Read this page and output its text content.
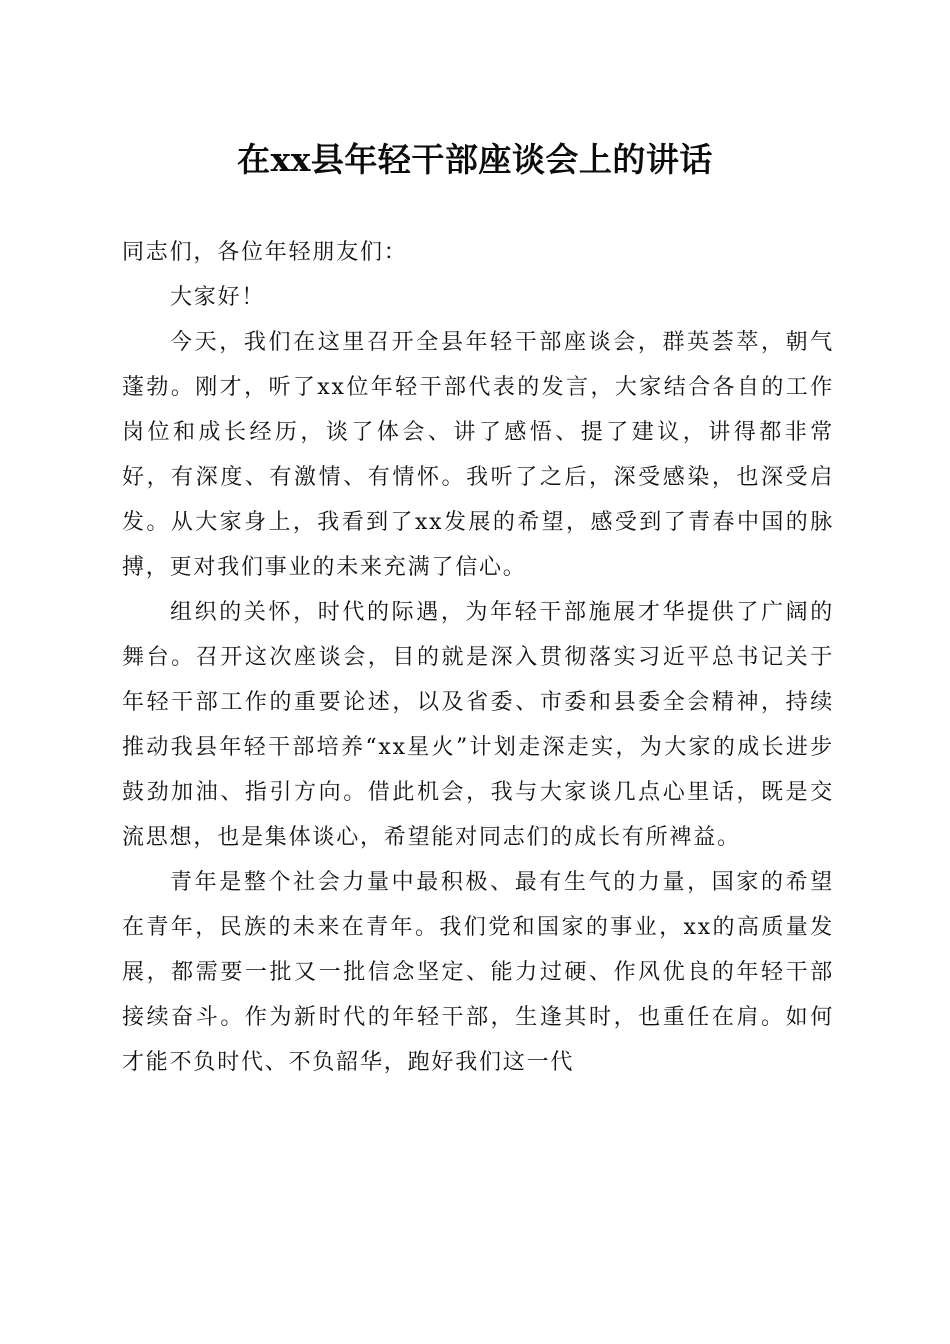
在xx县年轻干部座谈会上的讲话

同志们，各位年轻朋友们：

大家好！

今天，我们在这里召开全县年轻干部座谈会，群英荟萃，朝气蓬勃。刚才，听了xx位年轻干部代表的发言，大家结合各自的工作岗位和成长经历，谈了体会、讲了感悟、提了建议，讲得都非常好，有深度、有激情、有情怀。我听了之后，深受感染，也深受启发。从大家身上，我看到了xx发展的希望，感受到了青春中国的脉搏，更对我们事业的未来充满了信心。

组织的关怀，时代的际遇，为年轻干部施展才华提供了广阔的舞台。召开这次座谈会，目的就是深入贯彻落实习近平总书记关于年轻干部工作的重要论述，以及省委、市委和县委全会精神，持续推动我县年轻干部培养“xx星火”计划走深走实，为大家的成长进步鼓劲加油、指引方向。借此机会，我与大家谈几点心里话，既是交流思想，也是集体谈心，希望能对同志们的成长有所裨益。

青年是整个社会力量中最积极、最有生气的力量，国家的希望在青年，民族的未来在青年。我们党和国家的事业，xx的高质量发展，都需要一批又一批信念坚定、能力过硬、作风优良的年轻干部接续奋斗。作为新时代的年轻干部，生逢其时，也重任在肩。如何才能不负时代、不负韶华，跑好我们这一代
